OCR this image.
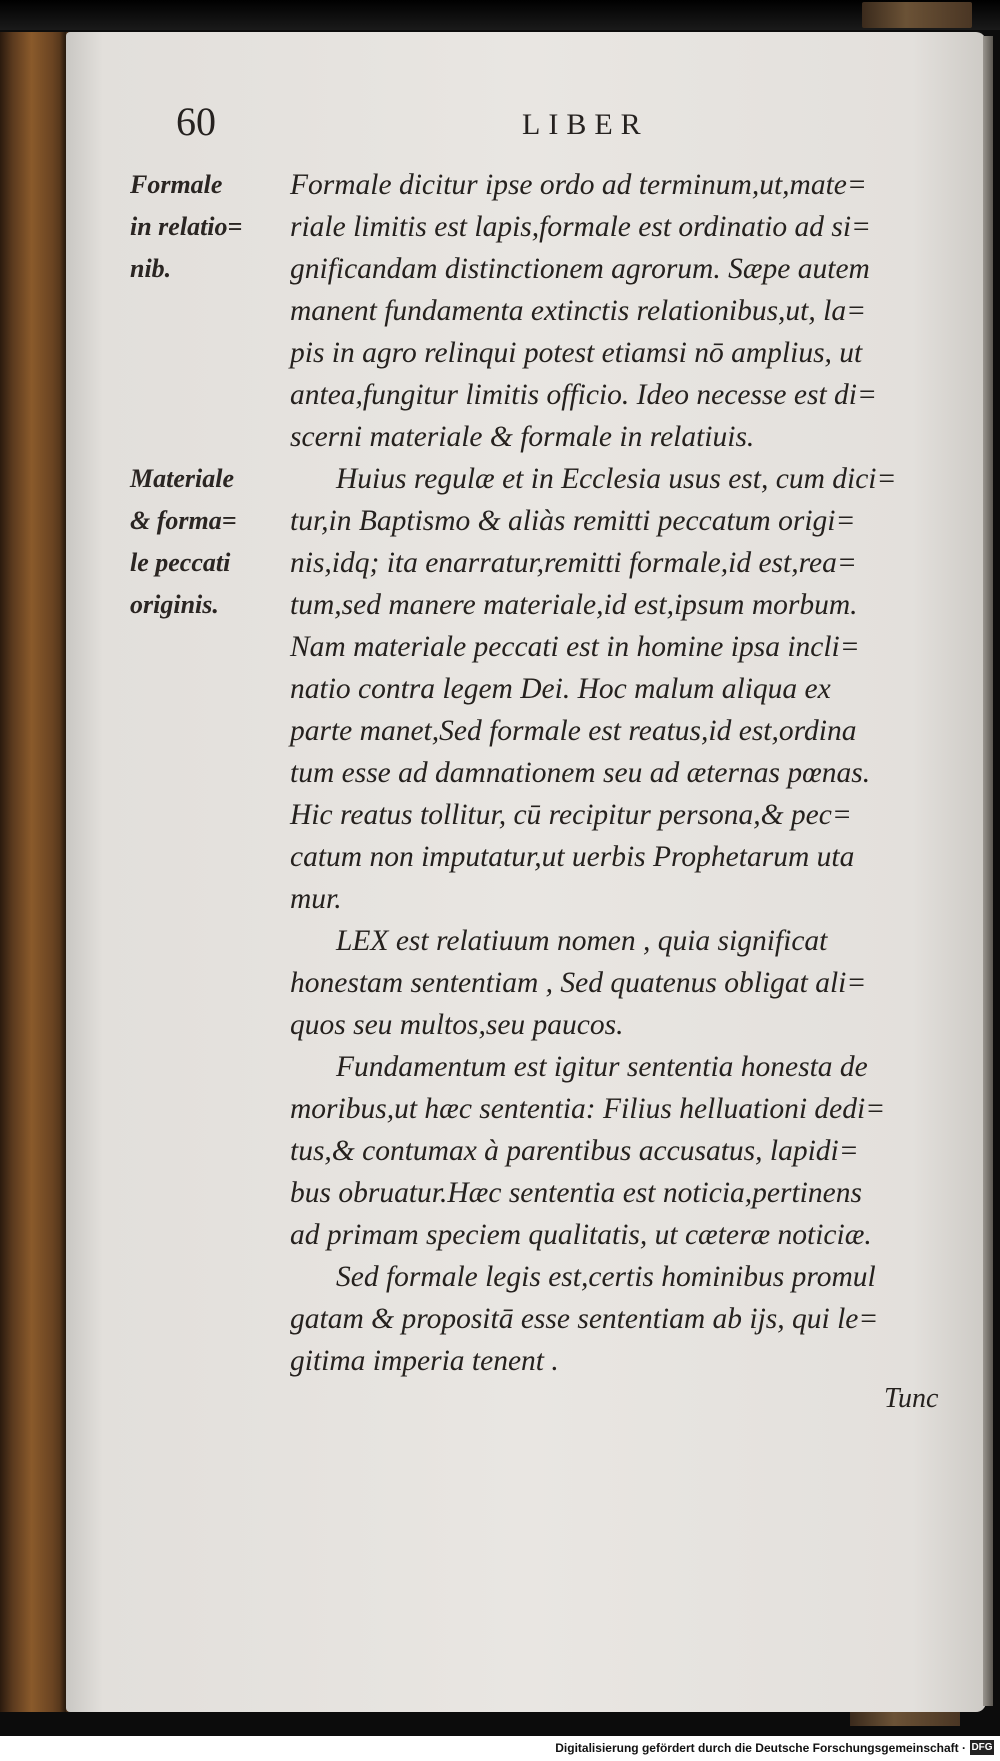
60	LIBER
Formale
in relatio=
nib.
Materiale
& forma=
le peccati
originis.
Formale dicitur ipse ordo ad terminum,ut,mate=
riale limitis est lapis,formale est ordinatio ad si=
gnificandam distinctionem agrorum. Sæpe autem
manent fundamenta extinctis relationibus,ut, la=
pis in agro relinqui potest etiamsi nō amplius, ut
antea,fungitur limitis officio. Ideo necesse est di=
scerni materiale & formale in relatiuis.
Huius regulæ et in Ecclesia usus est, cum dici=
tur,in Baptismo & aliàs remitti peccatum origi=
nis,idq; ita enarratur,remitti formale,id est,rea=
tum,sed manere materiale,id est,ipsum morbum.
Nam materiale peccati est in homine ipsa incli=
natio contra legem Dei. Hoc malum aliqua ex
parte manet,Sed formale est reatus,id est,ordina
tum esse ad damnationem seu ad æternas pœnas.
Hic reatus tollitur, cū recipitur persona,& pec=
catum non imputatur,ut uerbis Prophetarum uta
mur.
LEX est relatiuum nomen , quia significat
honestam sententiam , Sed quatenus obligat ali=
quos seu multos,seu paucos.
Fundamentum est igitur sententia honesta de
moribus,ut hæc sententia: Filius helluationi dedi=
tus,& contumax à parentibus accusatus, lapidi=
bus obruatur.Hæc sententia est noticia,pertinens
ad primam speciem qualitatis, ut cæteræ noticiæ.
Sed formale legis est,certis hominibus promul
gatam & propositā esse sententiam ab ijs, qui le=
gitima imperia tenent .
Tunc
Digitalisierung gefördert durch die Deutsche Forschungsgemeinschaft · DFG
